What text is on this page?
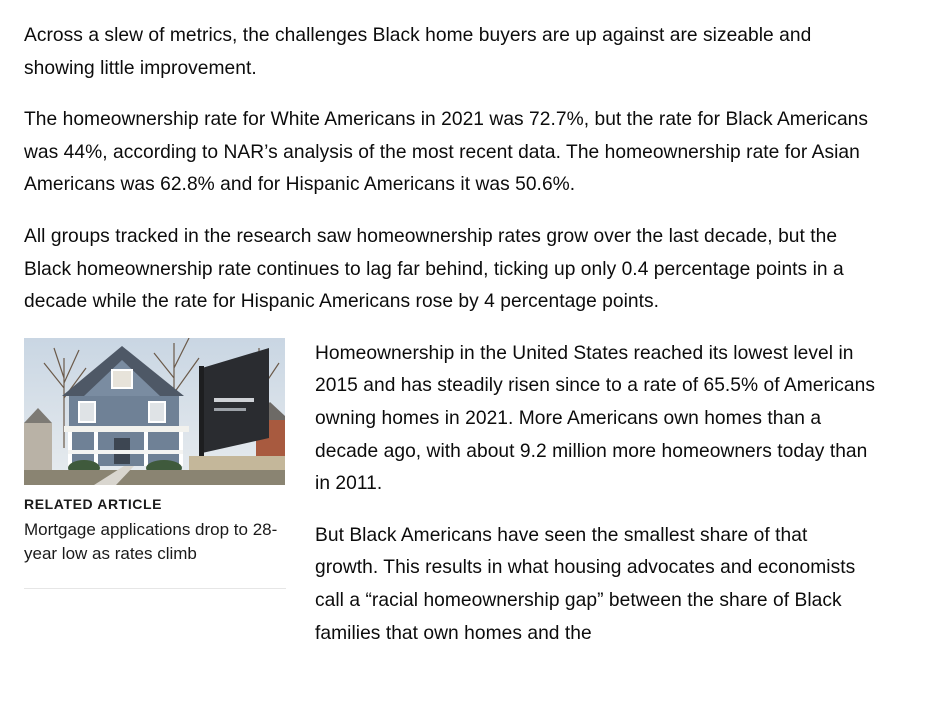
Across a slew of metrics, the challenges Black home buyers are up against are sizeable and showing little improvement.

The homeownership rate for White Americans in 2021 was 72.7%, but the rate for Black Americans was 44%, according to NAR’s analysis of the most recent data. The homeownership rate for Asian Americans was 62.8% and for Hispanic Americans it was 50.6%.

All groups tracked in the research saw homeownership rates grow over the last decade, but the Black homeownership rate continues to lag far behind, ticking up only 0.4 percentage points in a decade while the rate for Hispanic Americans rose by 4 percentage points.

RELATED ARTICLE
Mortgage applications drop to 28-year low as rates climb

Homeownership in the United States reached its lowest level in 2015 and has steadily risen since to a rate of 65.5% of Americans owning homes in 2021. More Americans own homes than a decade ago, with about 9.2 million more homeowners today than in 2011.

But Black Americans have seen the smallest share of that growth. This results in what housing advocates and economists call a “racial homeownership gap” between the share of Black families that own homes and the
